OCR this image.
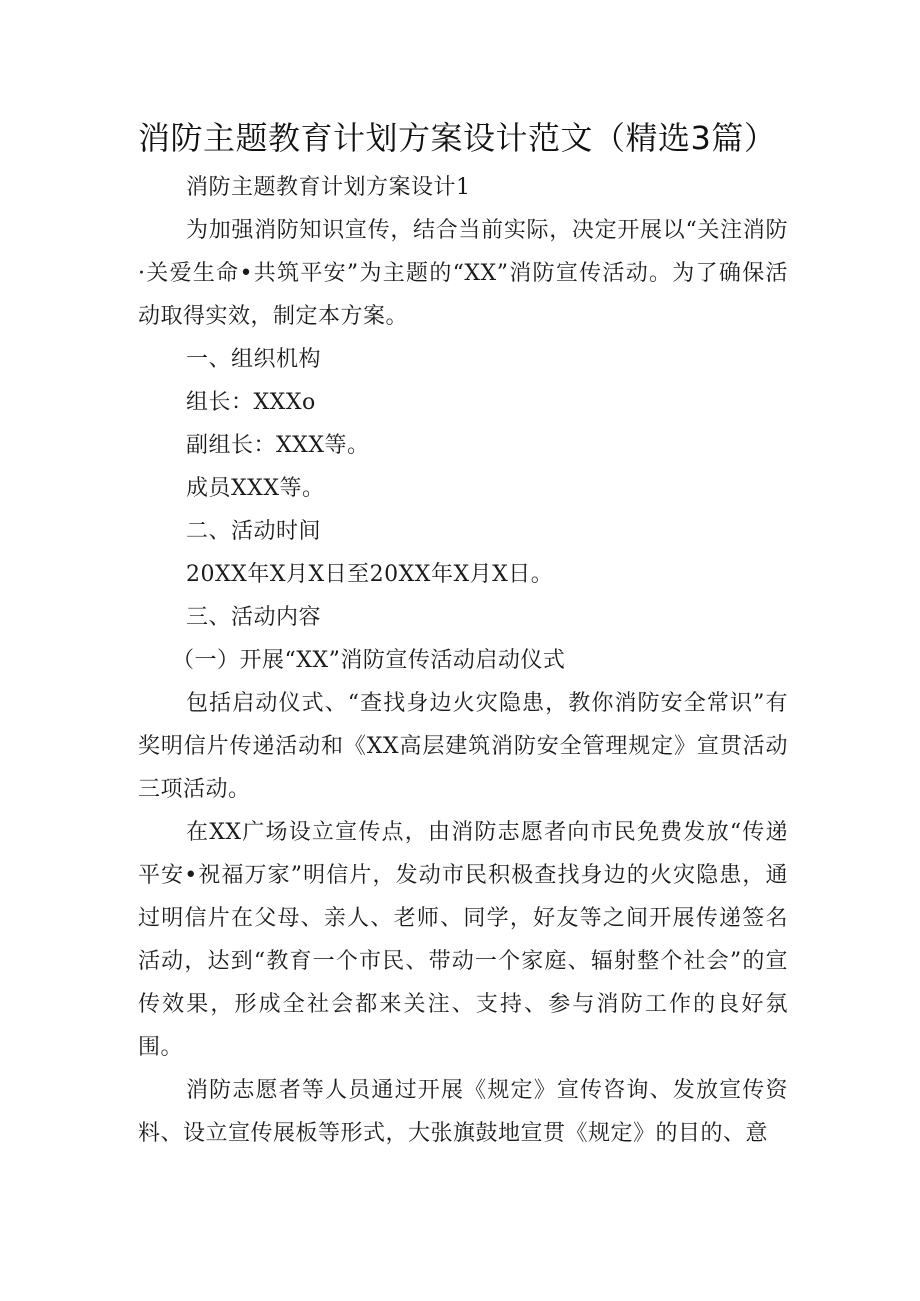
消防主题教育计划方案设计范文（精选3篇）

消防主题教育计划方案设计1

为加强消防知识宣传，结合当前实际，决定开展以“关注消防·关爱生命•共筑平安”为主题的“XX”消防宣传活动。为了确保活动取得实效，制定本方案。

一、组织机构

组长：XXXo

副组长：XXX等。

成员XXX等。

二、活动时间

20XX年X月X日至20XX年X月X日。

三、活动内容

（一）开展“XX”消防宣传活动启动仪式

包括启动仪式、“查找身边火灾隐患，教你消防安全常识”有奖明信片传递活动和《XX高层建筑消防安全管理规定》宣贯活动三项活动。

在XX广场设立宣传点，由消防志愿者向市民免费发放“传递平安•祝福万家”明信片，发动市民积极查找身边的火灾隐患，通过明信片在父母、亲人、老师、同学，好友等之间开展传递签名活动，达到“教育一个市民、带动一个家庭、辐射整个社会”的宣传效果，形成全社会都来关注、支持、参与消防工作的良好氛围。

消防志愿者等人员通过开展《规定》宣传咨询、发放宣传资料、设立宣传展板等形式，大张旗鼓地宣贯《规定》的目的、意
